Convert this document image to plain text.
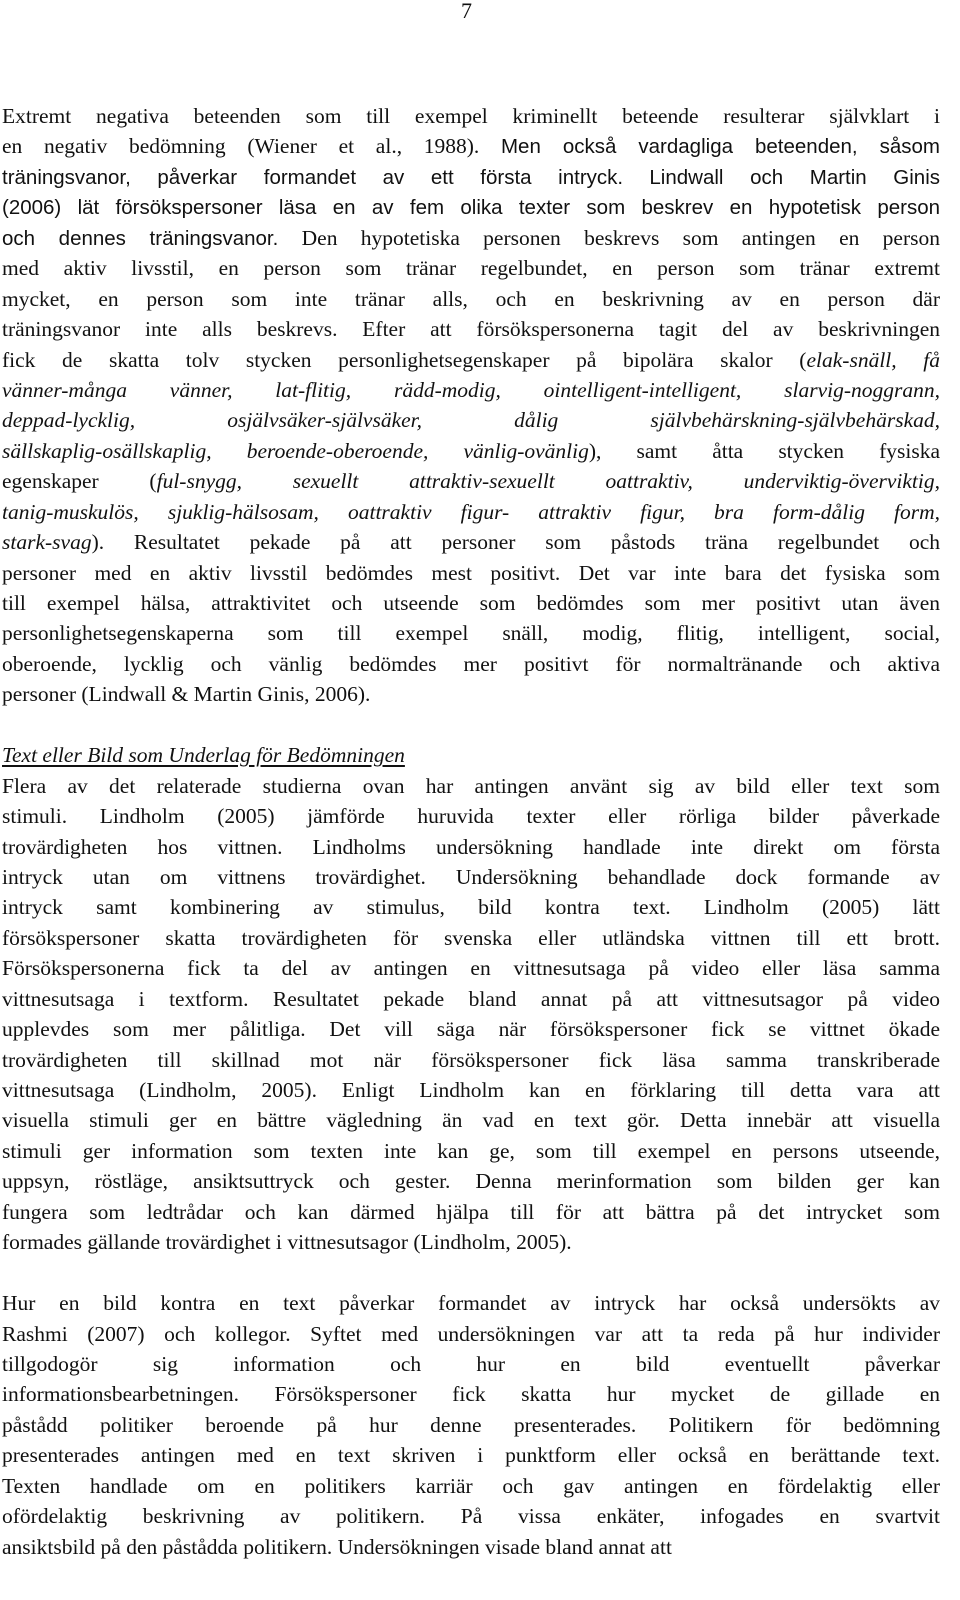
7
Extremt negativa beteenden som till exempel kriminellt beteende resulterar självklart i
en negativ bedömning (Wiener et al., 1988). Men också vardagliga beteenden, såsom
träningsvanor, påverkar formandet av ett första intryck. Lindwall och Martin Ginis
(2006) lät försökspersoner läsa en av fem olika texter som beskrev en hypotetisk person
och dennes träningsvanor. Den hypotetiska personen beskrevs som antingen en person
med aktiv livsstil, en person som tränar regelbundet, en person som tränar extremt
mycket, en person som inte tränar alls, och en beskrivning av en person där
träningsvanor inte alls beskrevs. Efter att försökspersonerna tagit del av beskrivningen
fick de skatta tolv stycken personlighetsegenskaper på bipolära skalor (elak-snäll, få
vänner-många vänner, lat-flitig, rädd-modig, ointelligent-intelligent, slarvig-noggrann,
deppad-lycklig, osjälvsäker-självsäker, dålig självbehärskning-självbehärskad,
sällskaplig-osällskaplig, beroende-oberoende, vänlig-ovänlig), samt åtta stycken fysiska
egenskaper (ful-snygg, sexuellt attraktiv-sexuellt oattraktiv, underviktig-överviktig,
tanig-muskulös, sjuklig-hälsosam, oattraktiv figur- attraktiv figur, bra form-dålig form,
stark-svag). Resultatet pekade på att personer som påstods träna regelbundet och
personer med en aktiv livsstil bedömdes mest positivt. Det var inte bara det fysiska som
till exempel hälsa, attraktivitet och utseende som bedömdes som mer positivt utan även
personlighetsegenskaperna som till exempel snäll, modig, flitig, intelligent, social,
oberoende, lycklig och vänlig bedömdes mer positivt för normaltränande och aktiva
personer (Lindwall & Martin Ginis, 2006).
Text eller Bild som Underlag för Bedömningen
Flera av det relaterade studierna ovan har antingen använt sig av bild eller text som
stimuli. Lindholm (2005) jämförde huruvida texter eller rörliga bilder påverkade
trovärdigheten hos vittnen. Lindholms undersökning handlade inte direkt om första
intryck utan om vittnens trovärdighet. Undersökning behandlade dock formande av
intryck samt kombinering av stimulus, bild kontra text. Lindholm (2005) lätt
försökspersoner skatta trovärdigheten för svenska eller utländska vittnen till ett brott.
Försökspersonerna fick ta del av antingen en vittnesutsaga på video eller läsa samma
vittnesutsaga i textform. Resultatet pekade bland annat på att vittnesutsagor på video
upplevdes som mer pålitliga. Det vill säga när försökspersoner fick se vittnet ökade
trovärdigheten till skillnad mot när försökspersoner fick läsa samma transkriberade
vittnesutsaga (Lindholm, 2005). Enligt Lindholm kan en förklaring till detta vara att
visuella stimuli ger en bättre vägledning än vad en text gör. Detta innebär att visuella
stimuli ger information som texten inte kan ge, som till exempel en persons utseende,
uppsyn, röstläge, ansiktsuttryck och gester. Denna merinformation som bilden ger kan
fungera som ledtrådar och kan därmed hjälpa till för att bättra på det intrycket som
formades gällande trovärdighet i vittnesutsagor (Lindholm, 2005).
Hur en bild kontra en text påverkar formandet av intryck har också undersökts av
Rashmi (2007) och kollegor. Syftet med undersökningen var att ta reda på hur individer
tillgodogör sig information och hur en bild eventuellt påverkar
informationsbearbetningen. Försökspersoner fick skatta hur mycket de gillade en
påstådd politiker beroende på hur denne presenterades. Politikern för bedömning
presenterades antingen med en text skriven i punktform eller också en berättande text.
Texten handlade om en politikers karriär och gav antingen en fördelaktig eller
ofördelaktig beskrivning av politikern. På vissa enkäter, infogades en svartvit
ansiktsbild på den påstådda politikern. Undersökningen visade bland annat att
